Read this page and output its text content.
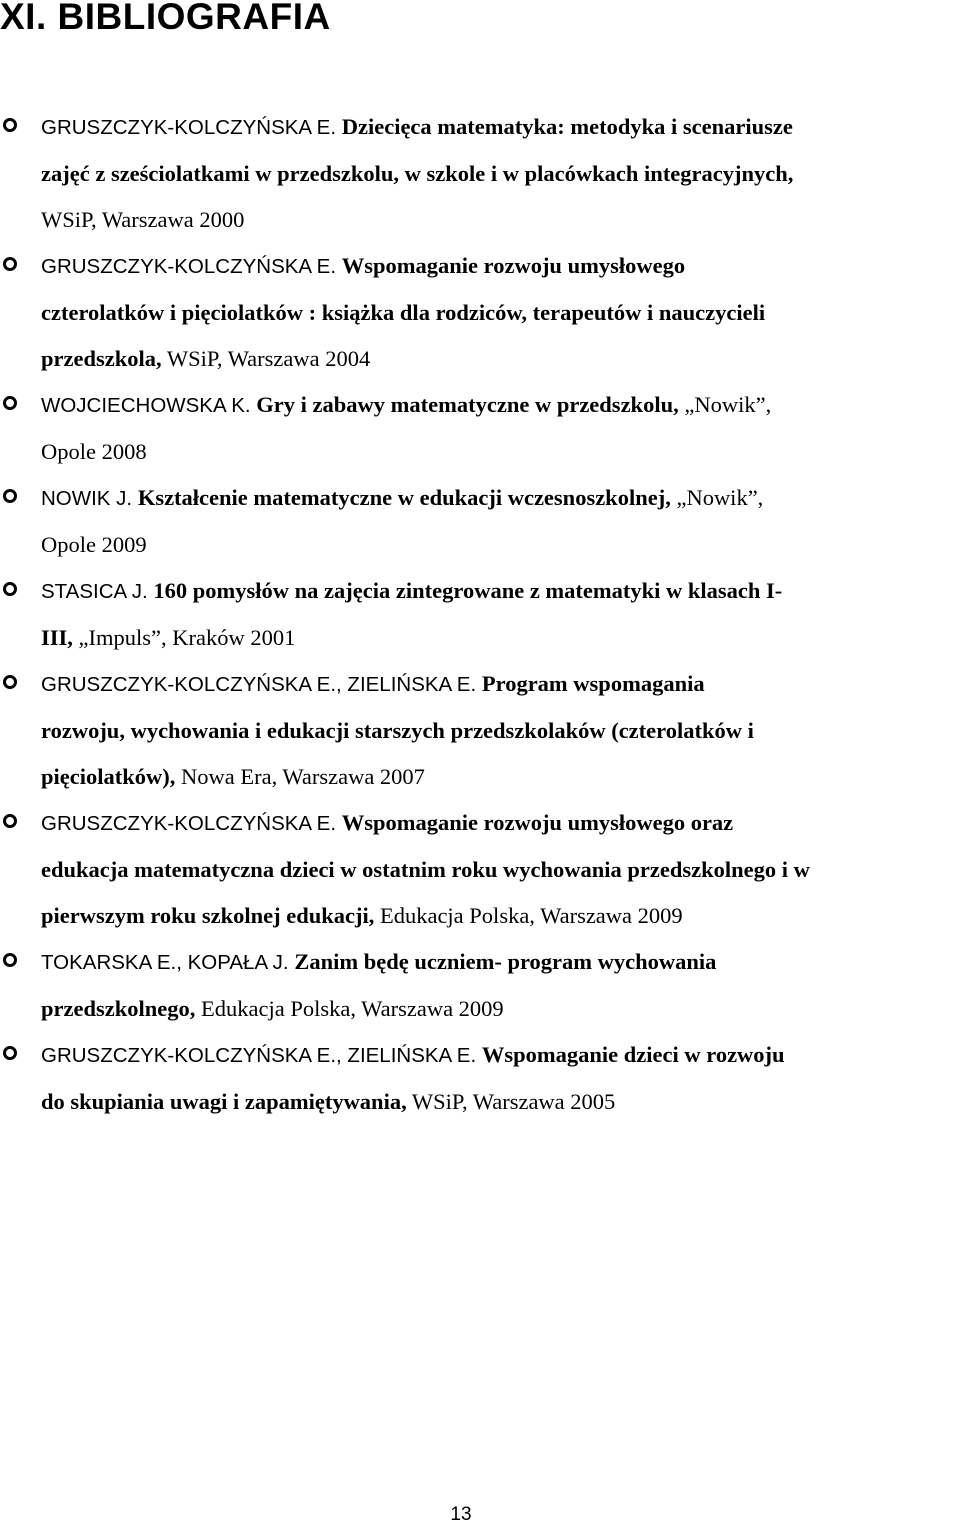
XI. BIBLIOGRAFIA
GRUSZCZYK-KOLCZYŃSKA E. Dziecięca matematyka: metodyka i scenariusze
zajęć z sześciolatkami w przedszkolu, w szkole i w placówkach integracyjnych,
WSiP, Warszawa 2000
GRUSZCZYK-KOLCZYŃSKA E. Wspomaganie rozwoju umysłowego
czterolatków i pięciolatków : książka dla rodziców, terapeutów i nauczycieli
przedszkola, WSiP, Warszawa 2004
WOJCIECHOWSKA K. Gry i zabawy matematyczne w przedszkolu, „Nowik”,
Opole 2008
NOWIK J. Kształcenie matematyczne w edukacji wczesnoszkolnej, „Nowik”,
Opole 2009
STASICA J. 160 pomysłów na zajęcia zintegrowane z matematyki w klasach I-
III, „Impuls”, Kraków 2001
GRUSZCZYK-KOLCZYŃSKA E., ZIELIŃSKA E. Program wspomagania
rozwoju, wychowania i edukacji starszych przedszkolaków (czterolatków i
pięciolatków), Nowa Era, Warszawa 2007
GRUSZCZYK-KOLCZYŃSKA E. Wspomaganie rozwoju umysłowego oraz
edukacja matematyczna dzieci w ostatnim roku wychowania przedszkolnego i w
pierwszym roku szkolnej edukacji, Edukacja Polska, Warszawa 2009
TOKARSKA E., KOPAŁA J. Zanim będę uczniem- program wychowania
przedszkolnego, Edukacja Polska, Warszawa 2009
GRUSZCZYK-KOLCZYŃSKA E., ZIELIŃSKA E. Wspomaganie dzieci w rozwoju
do skupiania uwagi i zapamiętywania, WSiP, Warszawa 2005
13
